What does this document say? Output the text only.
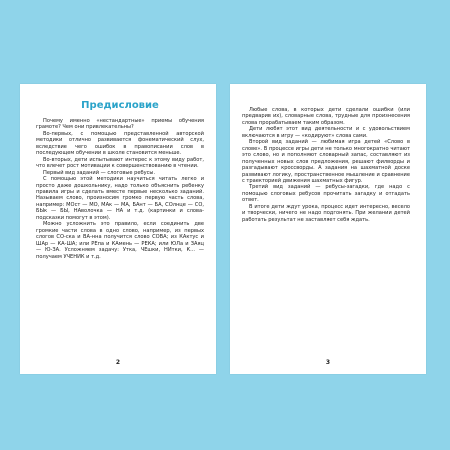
Предисловие

Почему именно «нестандартные» приемы обучения грамоте? Чем они привлекательны?

Во-первых, с помощью представленной авторской методики отлично развивается фонематический слух, вследствие чего ошибок в правописании слов в последующем обучении в школе становится меньше.

Во-вторых, дети испытывают интерес к этому виду работ, что влечет рост мотивации к совершенствованию в чтении.

Первый вид заданий — слоговые ребусы.

С помощью этой методики научиться читать легко и просто даже дошкольнику, надо только объяснить ребенку правила игры и сделать вместе первые несколько заданий. Называем слово, произносим громко первую часть слова, например: МОст — МО, МАк — МА, БАнт — БА, СОлнце — СО, БЫк — БЫ, НАволочка — НА и т.д. (картинки и слова-подсказки помогут в этом).

Можно усложнить это правило, если соединить две громкие части слова в одно слово, например, из первых слогов СО-ска и ВА-нна получится слово СОВА; из КАктус и ШАр — КА-ША; или РЕпа и КАмень — РЕКА; или ЮЛа и ЗАяц — Ю-ЗА. Усложняем задачу: Утка, ЧЕшки, НИтки, К... — получаем УЧЕНИК и т.д.

2

Любые слова, в которых дети сделали ошибки (или предварив их), словарные слова, трудные для произнесения слова прорабатываем таким образом.

Дети любят этот вид деятельности и с удовольствием включаются в игру — «кодируют» слова сами.

Второй вид заданий — любимая игра детей «Слово в слове». В процессе игры дети не только многократно читают это слово, но и пополняют словарный запас, составляют из полученных новых слов предложения, решают филворды и разгадывают кроссворды. А задания на шахматной доске развивают логику, пространственное мышление и сравнение с траекторией движения шахматных фигур.

Третий вид заданий — ребусы-загадки, где надо с помощью слоговых ребусов прочитать загадку и отгадать ответ.

В итоге дети ждут урока, процесс идет интересно, весело и творчески, ничего не надо подгонять. При желании детей работать результат не заставляет себя ждать.

3
